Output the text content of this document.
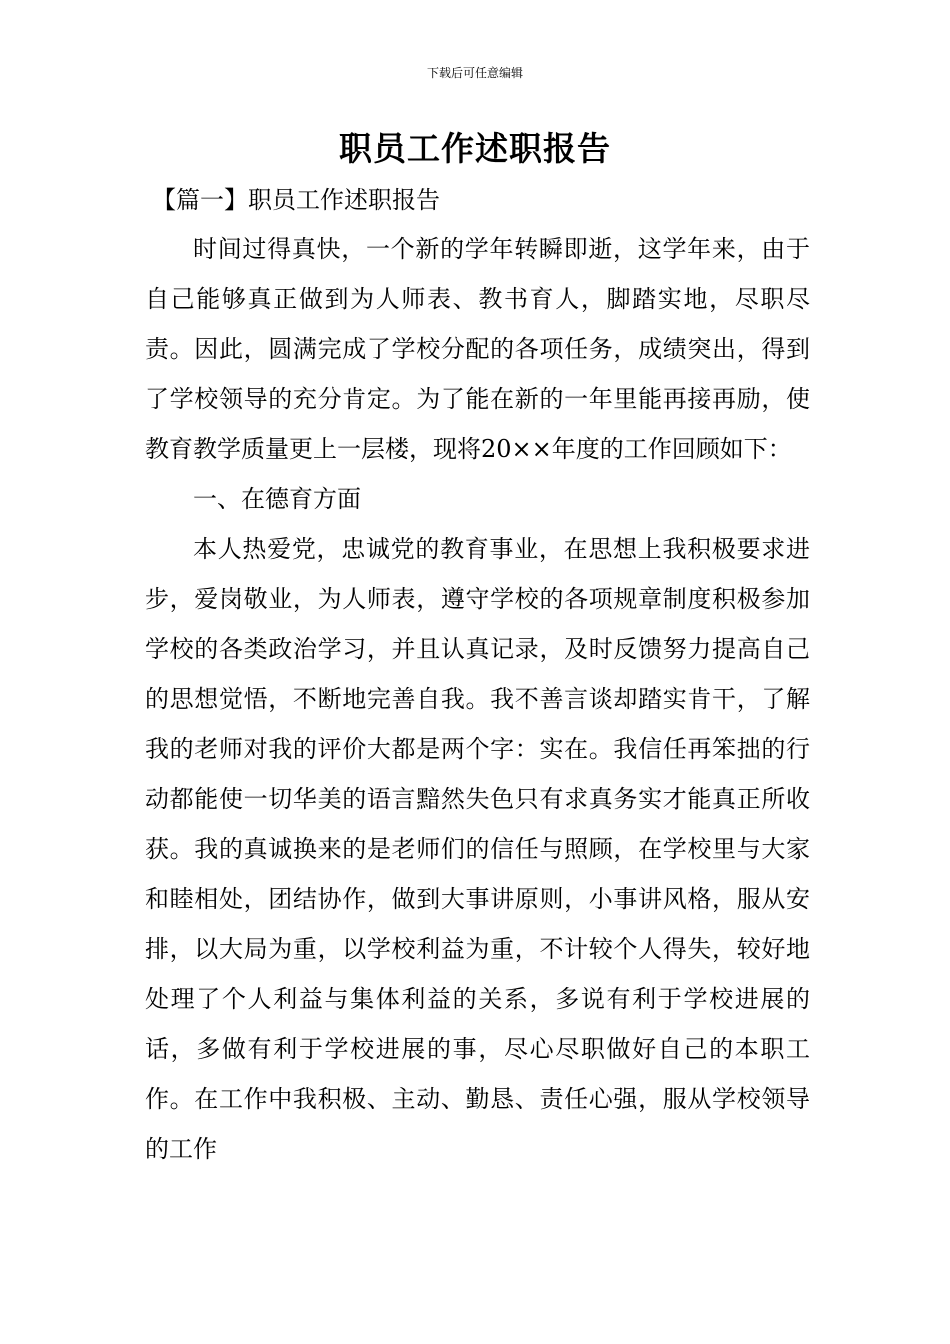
下载后可任意编辑
职员工作述职报告
【篇一】职员工作述职报告

时间过得真快，一个新的学年转瞬即逝，这学年来，由于自己能够真正做到为人师表、教书育人，脚踏实地，尽职尽责。因此，圆满完成了学校分配的各项任务，成绩突出，得到了学校领导的充分肯定。为了能在新的一年里能再接再励，使教育教学质量更上一层楼，现将20××年度的工作回顾如下：

一、在德育方面

本人热爱党，忠诚党的教育事业，在思想上我积极要求进步，爱岗敬业，为人师表，遵守学校的各项规章制度积极参加学校的各类政治学习，并且认真记录，及时反馈努力提高自己的思想觉悟，不断地完善自我。我不善言谈却踏实肯干，了解我的老师对我的评价大都是两个字：实在。我信任再笨拙的行动都能使一切华美的语言黯然失色只有求真务实才能真正所收获。我的真诚换来的是老师们的信任与照顾，在学校里与大家和睦相处，团结协作，做到大事讲原则，小事讲风格，服从安排，以大局为重，以学校利益为重，不计较个人得失，较好地处理了个人利益与集体利益的关系，多说有利于学校进展的话，多做有利于学校进展的事，尽心尽职做好自己的本职工作。在工作中我积极、主动、勤恳、责任心强，服从学校领导的工作
